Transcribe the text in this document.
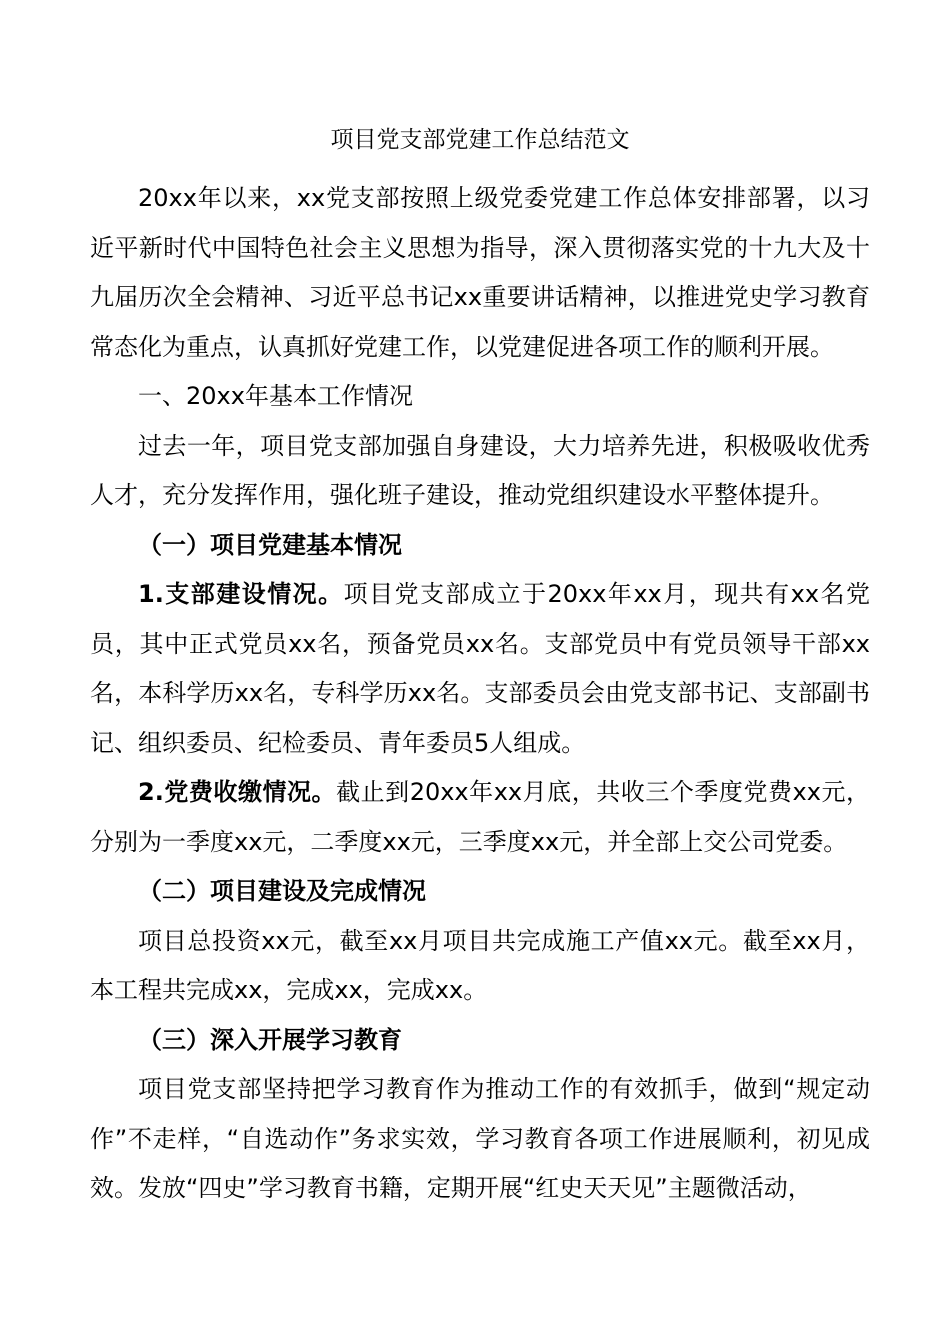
项目党支部党建工作总结范文

20xx年以来，xx党支部按照上级党委党建工作总体安排部署，以习近平新时代中国特色社会主义思想为指导，深入贯彻落实党的十九大及十九届历次全会精神、习近平总书记xx重要讲话精神，以推进党史学习教育常态化为重点，认真抓好党建工作，以党建促进各项工作的顺利开展。

一、20xx年基本工作情况

过去一年，项目党支部加强自身建设，大力培养先进，积极吸收优秀人才，充分发挥作用，强化班子建设，推动党组织建设水平整体提升。

（一）项目党建基本情况

1.支部建设情况。项目党支部成立于20xx年xx月，现共有xx名党员，其中正式党员xx名，预备党员xx名。支部党员中有党员领导干部xx名，本科学历xx名，专科学历xx名。支部委员会由党支部书记、支部副书记、组织委员、纪检委员、青年委员5人组成。

2.党费收缴情况。截止到20xx年xx月底，共收三个季度党费xx元，分别为一季度xx元，二季度xx元，三季度xx元，并全部上交公司党委。

（二）项目建设及完成情况

项目总投资xx元，截至xx月项目共完成施工产值xx元。截至xx月，本工程共完成xx，完成xx，完成xx。

（三）深入开展学习教育

项目党支部坚持把学习教育作为推动工作的有效抓手，做到“规定动作”不走样，“自选动作”务求实效，学习教育各项工作进展顺利，初见成效。发放“四史”学习教育书籍，定期开展“红史天天见”主题微活动，
